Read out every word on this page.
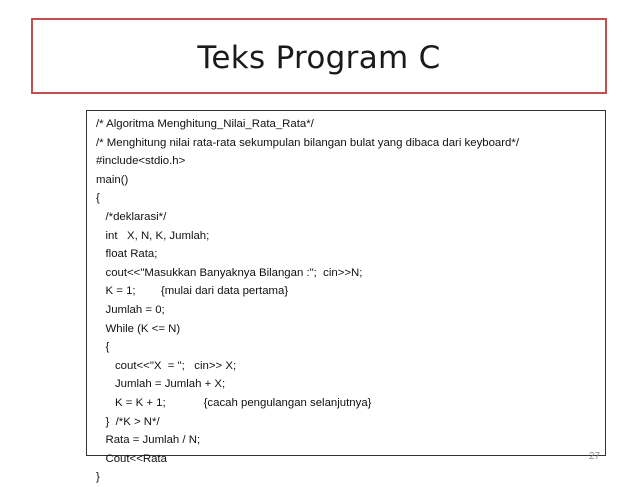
Teks Program C
/* Algoritma Menghitung_Nilai_Rata_Rata*/
/* Menghitung nilai rata-rata sekumpulan bilangan bulat yang dibaca dari keyboard*/
#include<stdio.h>
main()
{
/*deklarasi*/
int   X, N, K, Jumlah;
float Rata;
cout<<"Masukkan Banyaknya Bilangan :";  cin>>N;
K = 1;        {mulai dari data pertama}
Jumlah = 0;
While (K <= N)
{
cout<<"X  = ";   cin>> X;
Jumlah = Jumlah + X;
K = K + 1;            {cacah pengulangan selanjutnya}
}  /*K > N*/
Rata = Jumlah / N;
Cout<<Rata
}
27
